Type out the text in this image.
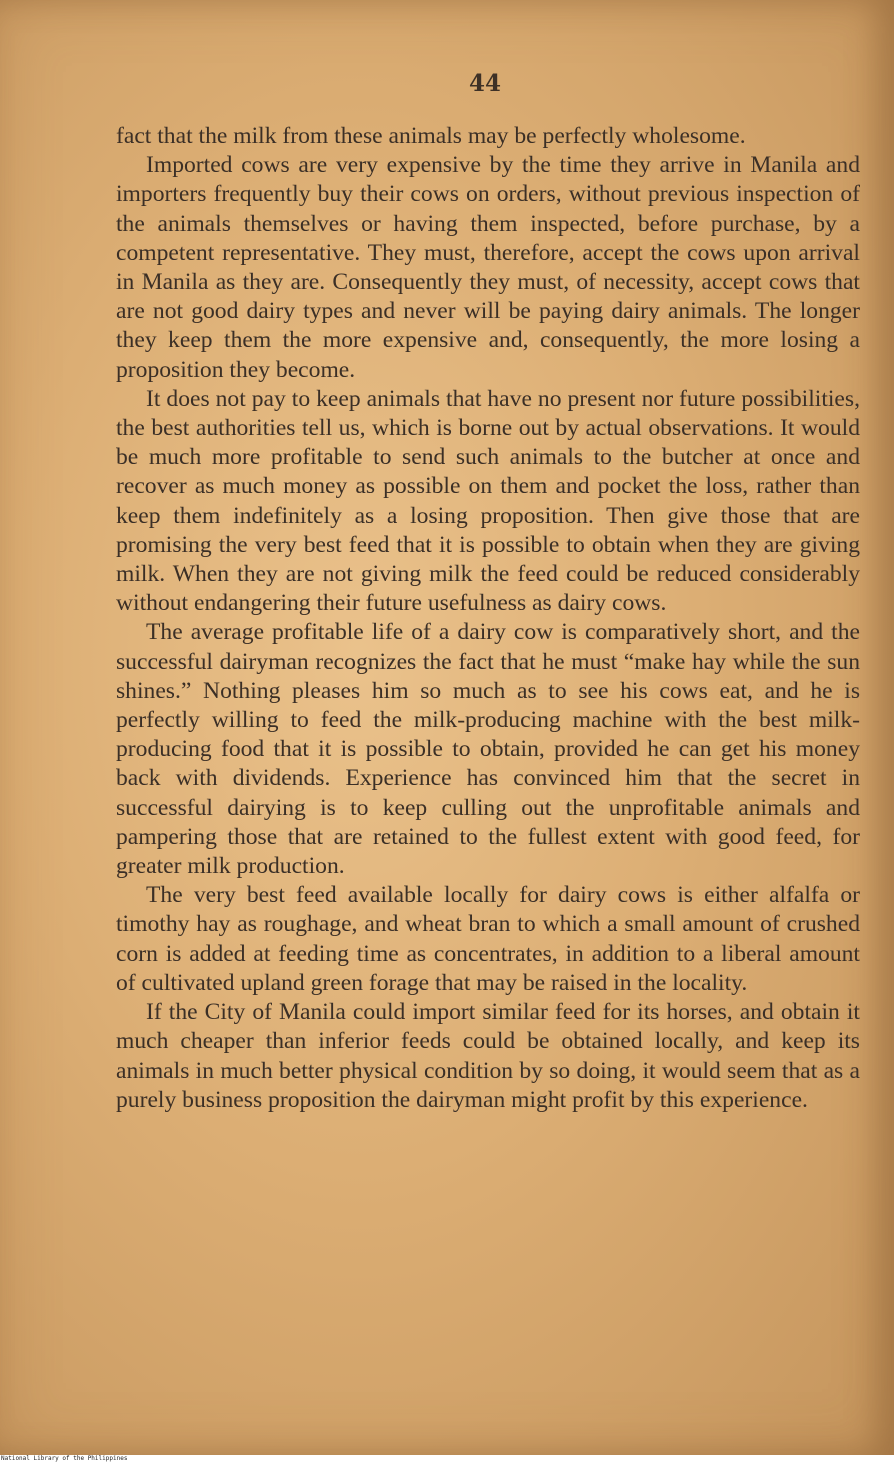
44

fact that the milk from these animals may be perfectly wholesome.

Imported cows are very expensive by the time they arrive in Manila and importers frequently buy their cows on orders, without previous inspection of the animals themselves or having them inspected, before purchase, by a competent representative. They must, therefore, accept the cows upon arrival in Manila as they are. Consequently they must, of necessity, accept cows that are not good dairy types and never will be paying dairy animals. The longer they keep them the more expensive and, consequently, the more losing a proposition they become.

It does not pay to keep animals that have no present nor future possibilities, the best authorities tell us, which is borne out by actual observations. It would be much more profitable to send such animals to the butcher at once and recover as much money as possible on them and pocket the loss, rather than keep them indefinitely as a losing proposition. Then give those that are promising the very best feed that it is possible to obtain when they are giving milk. When they are not giving milk the feed could be reduced considerably without endangering their future usefulness as dairy cows.

The average profitable life of a dairy cow is comparatively short, and the successful dairyman recognizes the fact that he must “make hay while the sun shines.” Nothing pleases him so much as to see his cows eat, and he is perfectly willing to feed the milk-producing machine with the best milk-producing food that it is possible to obtain, provided he can get his money back with dividends. Experience has convinced him that the secret in successful dairying is to keep culling out the unprofitable animals and pampering those that are retained to the fullest extent with good feed, for greater milk production.

The very best feed available locally for dairy cows is either alfalfa or timothy hay as roughage, and wheat bran to which a small amount of crushed corn is added at feeding time as concentrates, in addition to a liberal amount of cultivated upland green forage that may be raised in the locality.

If the City of Manila could import similar feed for its horses, and obtain it much cheaper than inferior feeds could be obtained locally, and keep its animals in much better physical condition by so doing, it would seem that as a purely business proposition the dairyman might profit by this experience.

National Library of the Philippines
